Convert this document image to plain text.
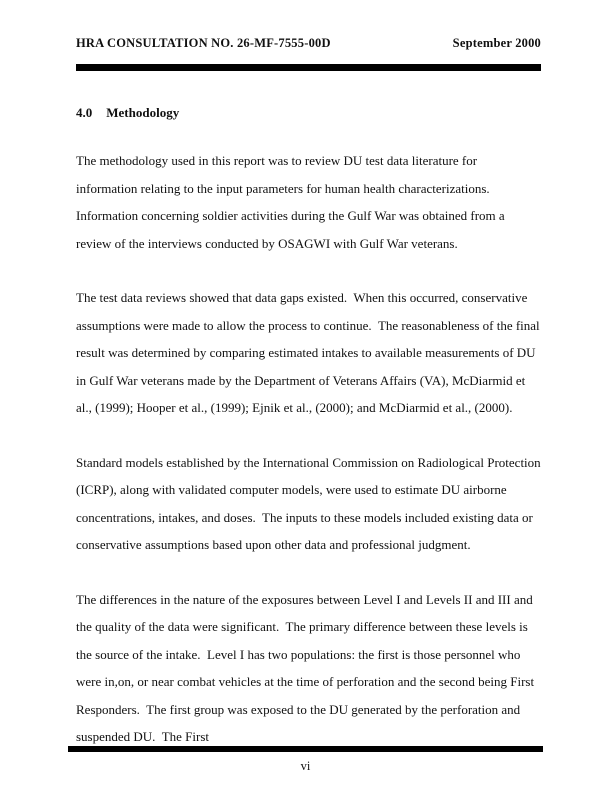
HRA CONSULTATION NO. 26-MF-7555-00D	September 2000
4.0 Methodology

The methodology used in this report was to review DU test data literature for information relating to the input parameters for human health characterizations.  Information concerning soldier activities during the Gulf War was obtained from a review of the interviews conducted by OSAGWI with Gulf War veterans.

The test data reviews showed that data gaps existed.  When this occurred, conservative assumptions were made to allow the process to continue.  The reasonableness of the final result was determined by comparing estimated intakes to available measurements of DU in Gulf War veterans made by the Department of Veterans Affairs (VA), McDiarmid et al., (1999); Hooper et al., (1999); Ejnik et al., (2000); and McDiarmid et al., (2000).

Standard models established by the International Commission on Radiological Protection (ICRP), along with validated computer models, were used to estimate DU airborne concentrations, intakes, and doses.  The inputs to these models included existing data or conservative assumptions based upon other data and professional judgment.

The differences in the nature of the exposures between Level I and Levels II and III and the quality of the data were significant.  The primary difference between these levels is the source of the intake.  Level I has two populations: the first is those personnel who were in,on, or near combat vehicles at the time of perforation and the second being First Responders.  The first group was exposed to the DU generated by the perforation and suspended DU.  The First

vi
